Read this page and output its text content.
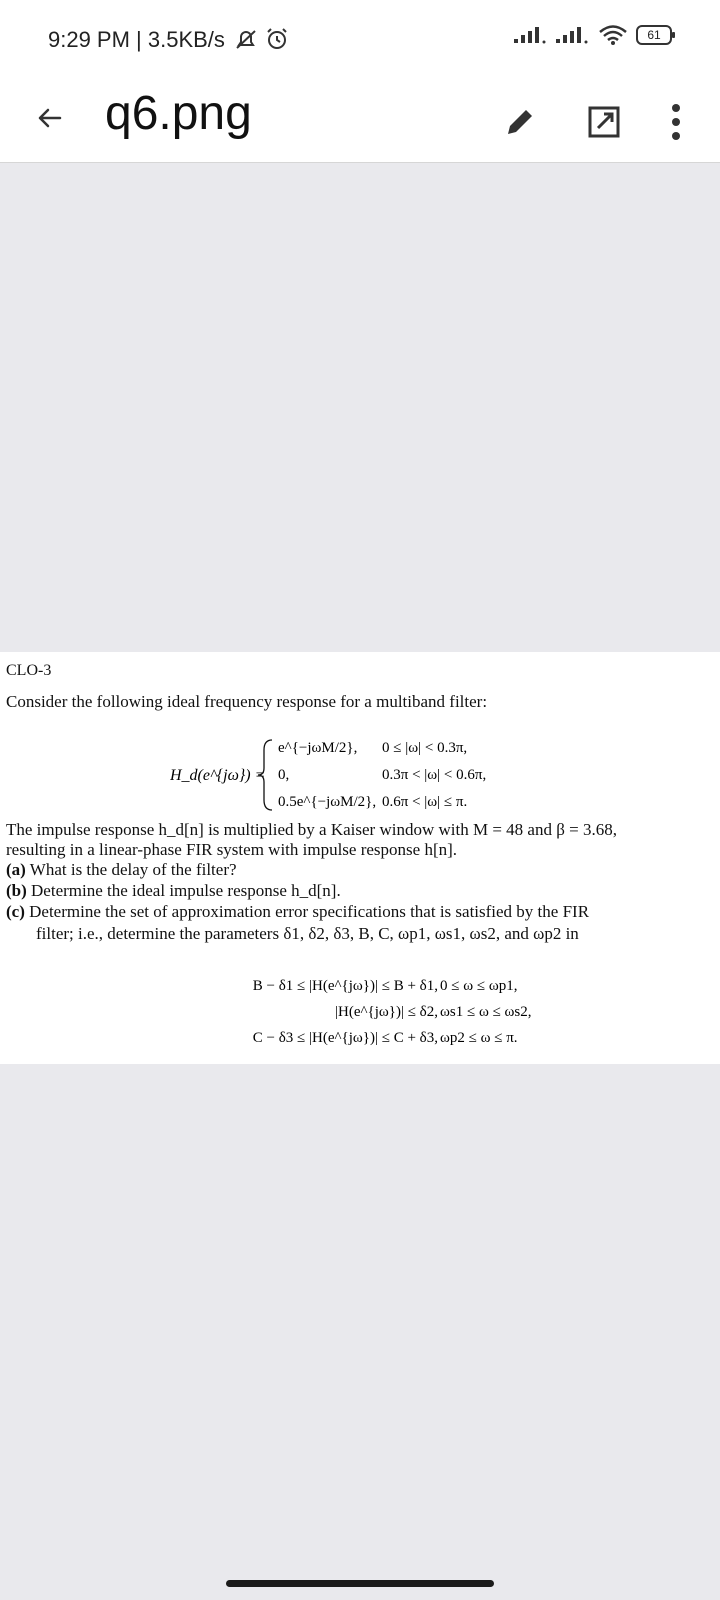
9:29 PM | 3.5KB/s	61
q6.png
CLO-3
Consider the following ideal frequency response for a multiband filter:
H_d(e^{jω}) =
e^{−jωM/2}, 0 ≤ |ω| < 0.3π,
0,	0.3π < |ω| < 0.6π,
0.5e^{−jωM/2}, 0.6π < |ω| ≤ π.
The impulse response h_d[n] is multiplied by a Kaiser window with M = 48 and β = 3.68,
resulting in a linear-phase FIR system with impulse response h[n].
(a) What is the delay of the filter?
(b) Determine the ideal impulse response h_d[n].
(c) Determine the set of approximation error specifications that is satisfied by the FIR
filter; i.e., determine the parameters δ1, δ2, δ3, B, C, ωp1, ωs1, ωs2, and ωp2 in
B − δ1 ≤ |H(e^{jω})| ≤ B + δ1, 0 ≤ ω ≤ ωp1,
|H(e^{jω})| ≤ δ2, ωs1 ≤ ω ≤ ωs2,
C − δ3 ≤ |H(e^{jω})| ≤ C + δ3, ωp2 ≤ ω ≤ π.
